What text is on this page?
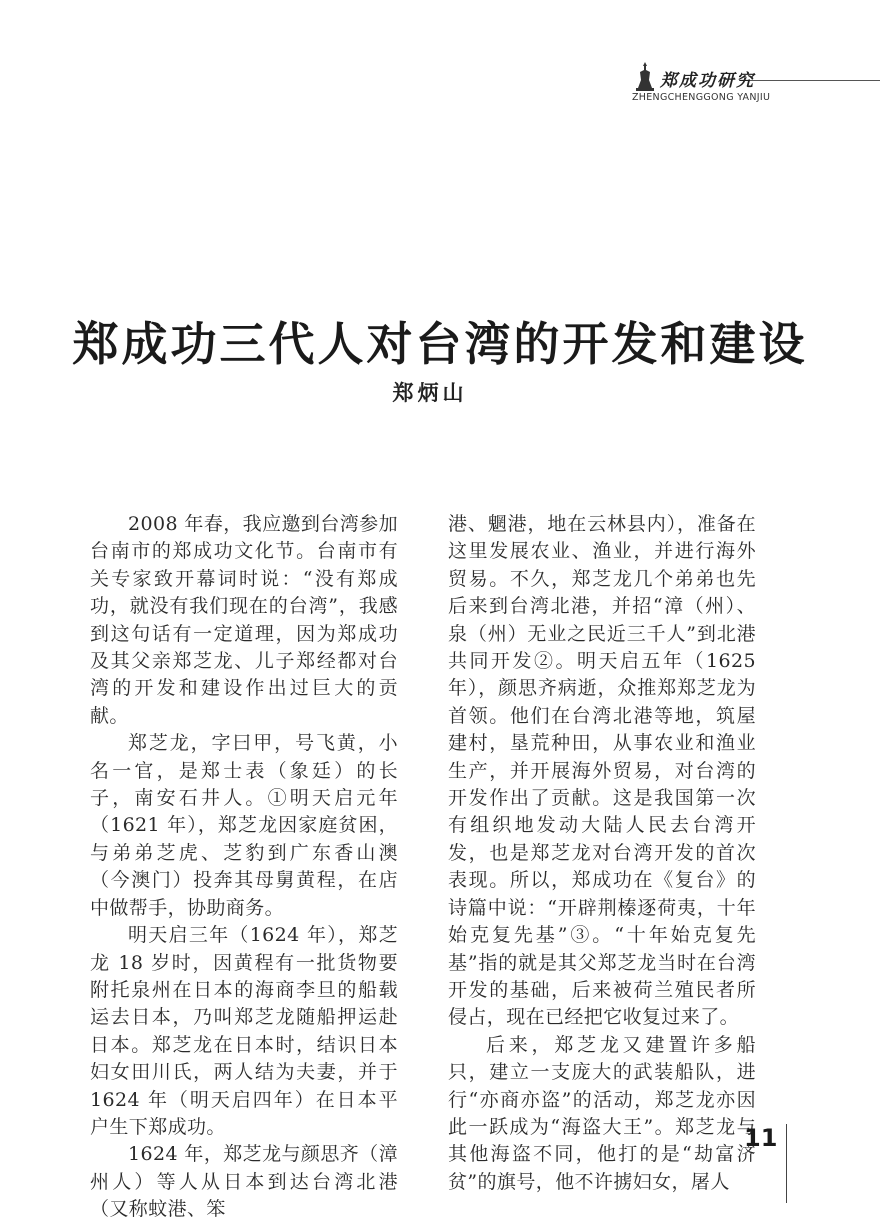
郑成功研究
ZHENGCHENGGONG YANJIU
郑成功三代人对台湾的开发和建设
郑炳山

2008 年春，我应邀到台湾参加台南市的郑成功文化节。台南市有关专家致开幕词时说：“没有郑成功，就没有我们现在的台湾”，我感到这句话有一定道理，因为郑成功及其父亲郑芝龙、儿子郑经都对台湾的开发和建设作出过巨大的贡献。

郑芝龙，字曰甲，号飞黄，小名一官，是郑士表（象廷）的长子，南安石井人。①明天启元年（1621 年），郑芝龙因家庭贫困，与弟弟芝虎、芝豹到广东香山澳（今澳门）投奔其母舅黄程，在店中做帮手，协助商务。

明天启三年（1624 年），郑芝龙 18 岁时，因黄程有一批货物要附托泉州在日本的海商李旦的船载运去日本，乃叫郑芝龙随船押运赴日本。郑芝龙在日本时，结识日本妇女田川氏，两人结为夫妻，并于 1624 年（明天启四年）在日本平户生下郑成功。

1624 年，郑芝龙与颜思齐（漳州人）等人从日本到达台湾北港（又称蚊港、笨

港、魍港，地在云林县内），准备在这里发展农业、渔业，并进行海外贸易。不久，郑芝龙几个弟弟也先后来到台湾北港，并招“漳（州）、泉（州）无业之民近三千人”到北港共同开发②。明天启五年（1625 年），颜思齐病逝，众推郑郑芝龙为首领。他们在台湾北港等地，筑屋建村，垦荒种田，从事农业和渔业生产，并开展海外贸易，对台湾的开发作出了贡献。这是我国第一次有组织地发动大陆人民去台湾开发，也是郑芝龙对台湾开发的首次表现。所以，郑成功在《复台》的诗篇中说：“开辟荆榛逐荷夷，十年始克复先基”③。“十年始克复先基”指的就是其父郑芝龙当时在台湾开发的基础，后来被荷兰殖民者所侵占，现在已经把它收复过来了。

后来，郑芝龙又建置许多船只，建立一支庞大的武装船队，进行“亦商亦盗”的活动，郑芝龙亦因此一跃成为“海盗大王”。郑芝龙与其他海盗不同，他打的是“劫富济贫”的旗号，他不许掳妇女，屠人

11
